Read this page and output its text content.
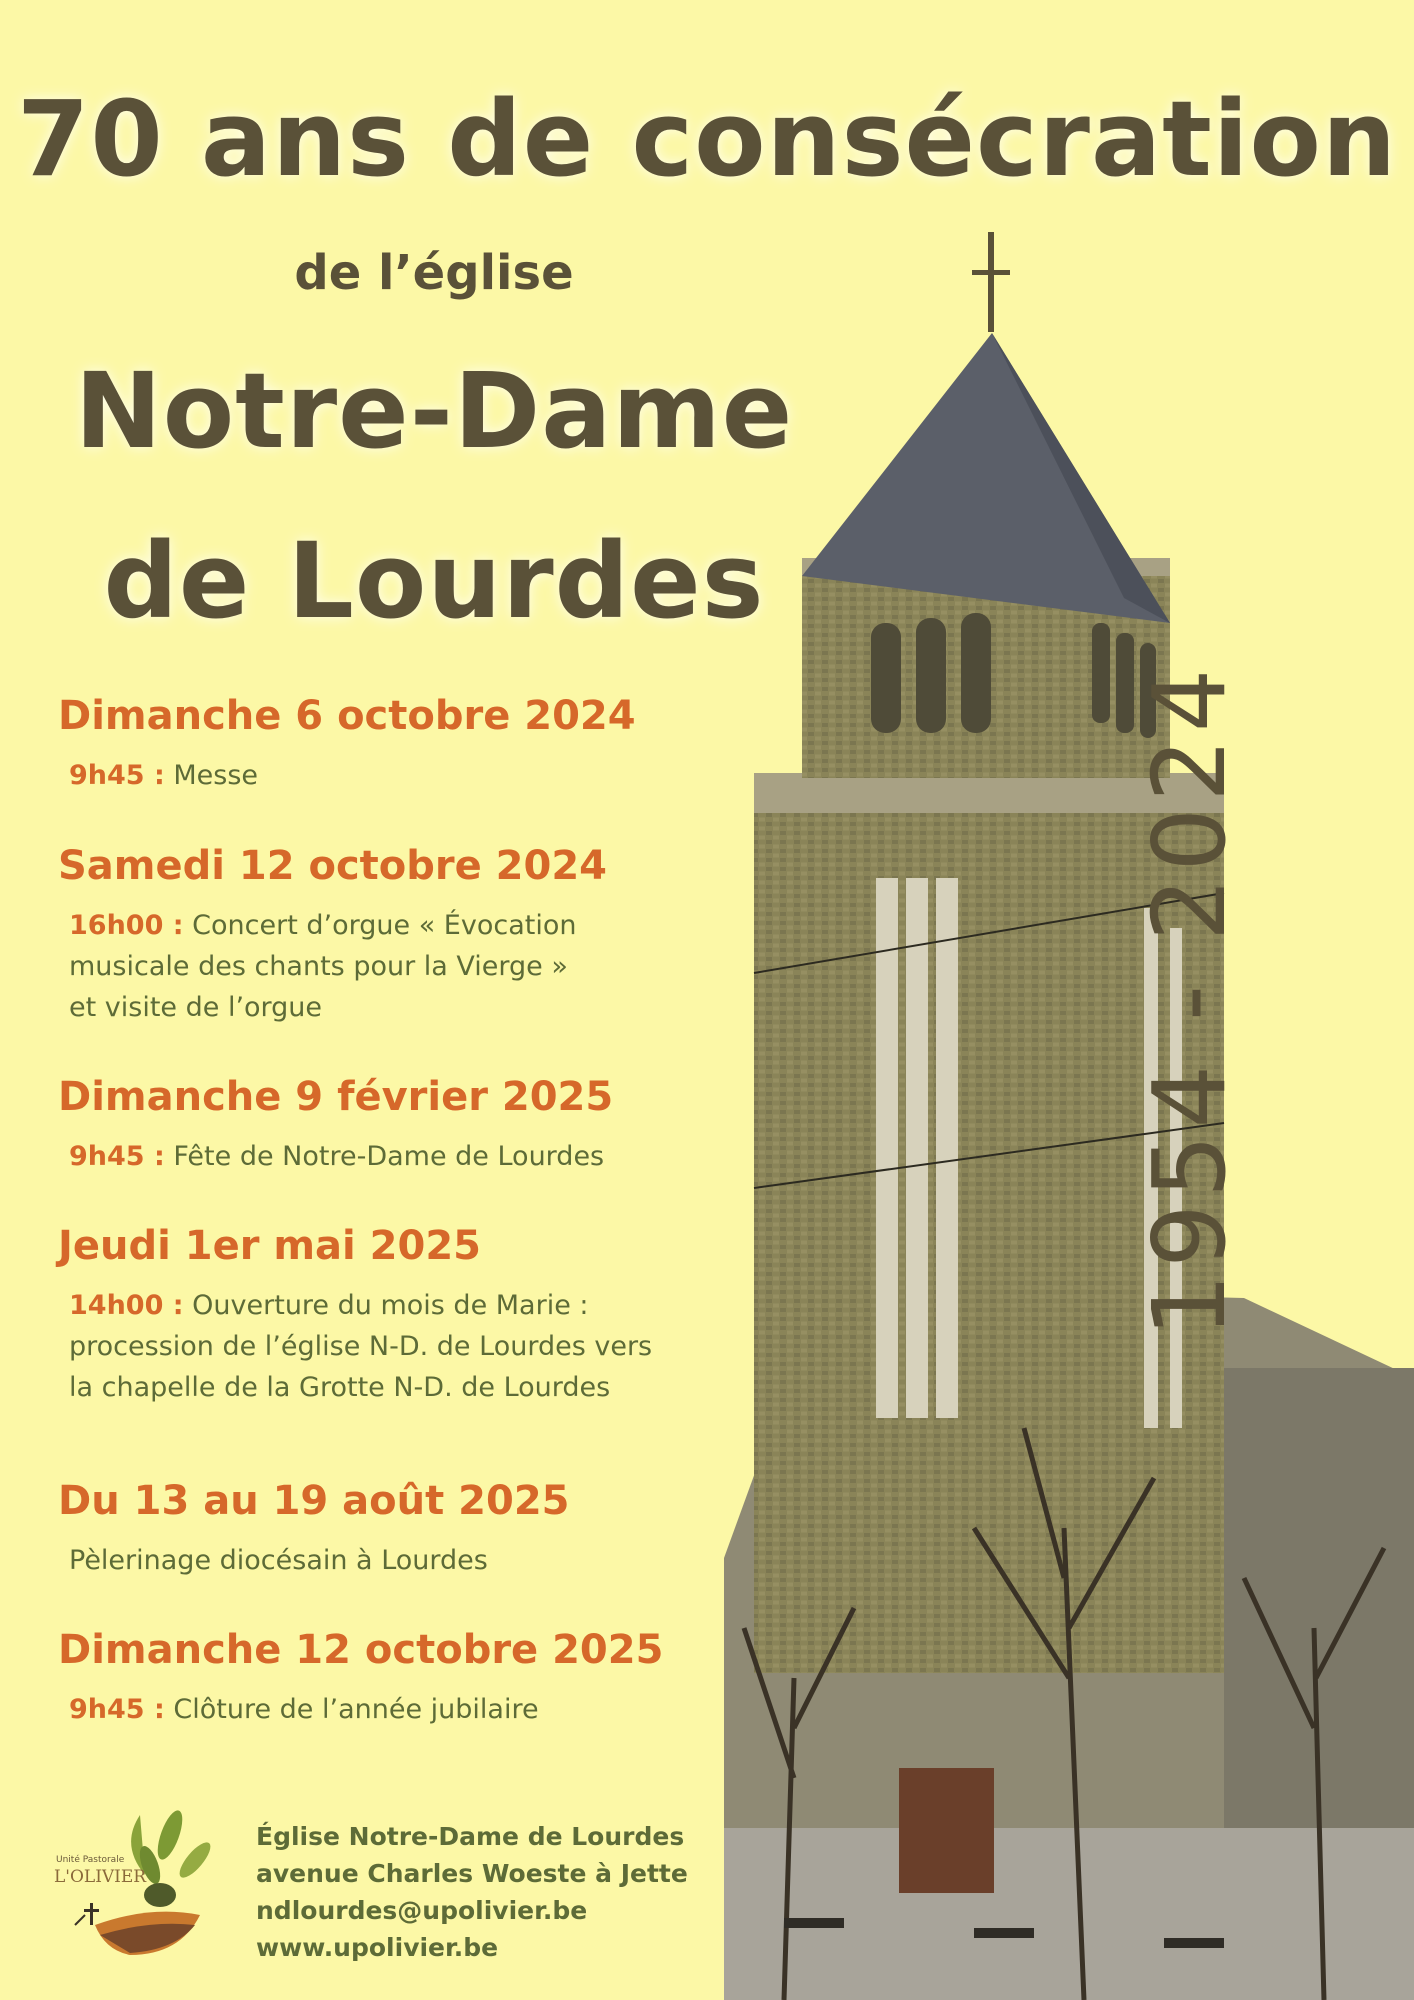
70 ans de consécration
de l’église
Notre-Dame
de Lourdes
1954 - 2024
Dimanche 6 octobre 2024
9h45 : Messe
Samedi 12 octobre 2024
16h00 : Concert d’orgue « Évocation
musicale des chants pour la Vierge »
et visite de l’orgue
Dimanche 9 février 2025
9h45 : Fête de Notre-Dame de Lourdes
Jeudi 1er mai 2025
14h00 : Ouverture du mois de Marie :
procession de l’église N-D. de Lourdes vers
la chapelle de la Grotte N-D. de Lourdes
Du 13 au 19 août 2025
Pèlerinage diocésain à Lourdes
Dimanche 12 octobre 2025
9h45 : Clôture de l’année jubilaire
Unité Pastorale
L'OLIVIER
Église Notre-Dame de Lourdes
avenue Charles Woeste à Jette
ndlourdes@upolivier.be
www.upolivier.be
